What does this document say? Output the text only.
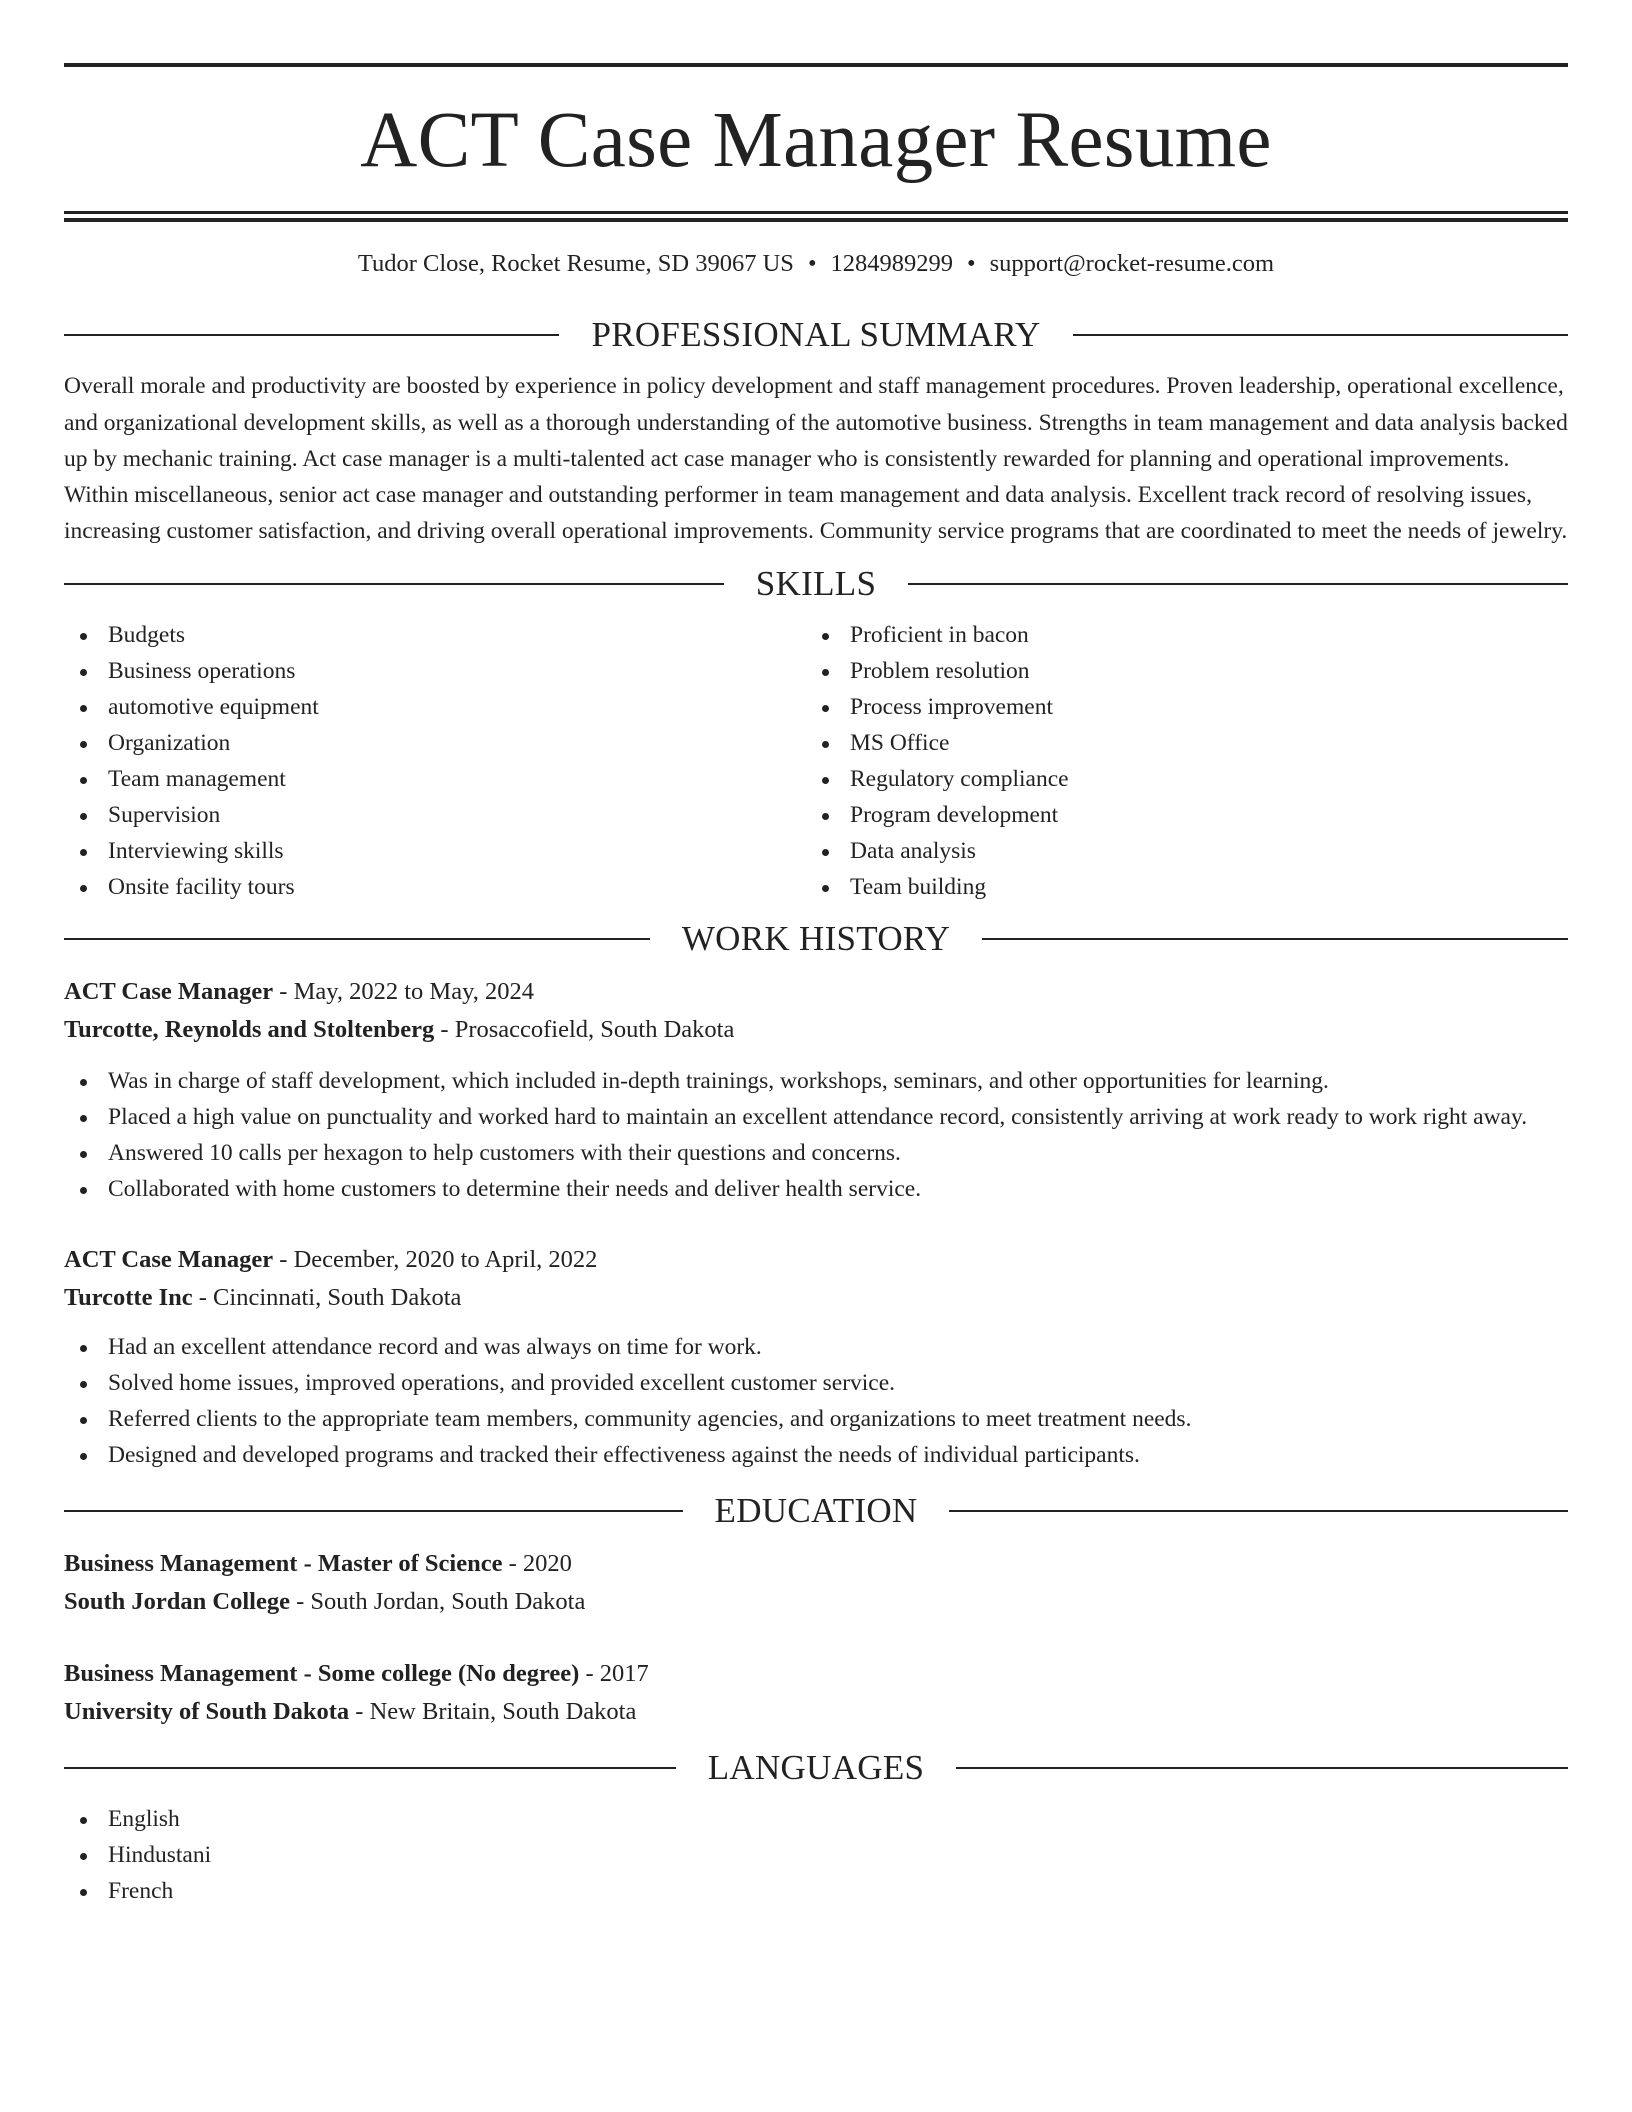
ACT Case Manager Resume
Tudor Close, Rocket Resume, SD 39067 US • 1284989299 • support@rocket-resume.com
PROFESSIONAL SUMMARY

Overall morale and productivity are boosted by experience in policy development and staff management procedures. Proven leadership, operational excellence, and organizational development skills, as well as a thorough understanding of the automotive business. Strengths in team management and data analysis backed up by mechanic training. Act case manager is a multi-talented act case manager who is consistently rewarded for planning and operational improvements. Within miscellaneous, senior act case manager and outstanding performer in team management and data analysis. Excellent track record of resolving issues, increasing customer satisfaction, and driving overall operational improvements. Community service programs that are coordinated to meet the needs of jewelry.

SKILLS
Budgets
Business operations
automotive equipment
Organization
Team management
Supervision
Interviewing skills
Onsite facility tours
Proficient in bacon
Problem resolution
Process improvement
MS Office
Regulatory compliance
Program development
Data analysis
Team building
WORK HISTORY
ACT Case Manager - May, 2022 to May, 2024
Turcotte, Reynolds and Stoltenberg - Prosaccofield, South Dakota
Was in charge of staff development, which included in-depth trainings, workshops, seminars, and other opportunities for learning.
Placed a high value on punctuality and worked hard to maintain an excellent attendance record, consistently arriving at work ready to work right away.
Answered 10 calls per hexagon to help customers with their questions and concerns.
Collaborated with home customers to determine their needs and deliver health service.
ACT Case Manager - December, 2020 to April, 2022
Turcotte Inc - Cincinnati, South Dakota
Had an excellent attendance record and was always on time for work.
Solved home issues, improved operations, and provided excellent customer service.
Referred clients to the appropriate team members, community agencies, and organizations to meet treatment needs.
Designed and developed programs and tracked their effectiveness against the needs of individual participants.
EDUCATION
Business Management - Master of Science - 2020
South Jordan College - South Jordan, South Dakota
Business Management - Some college (No degree) - 2017
University of South Dakota - New Britain, South Dakota
LANGUAGES
English
Hindustani
French
